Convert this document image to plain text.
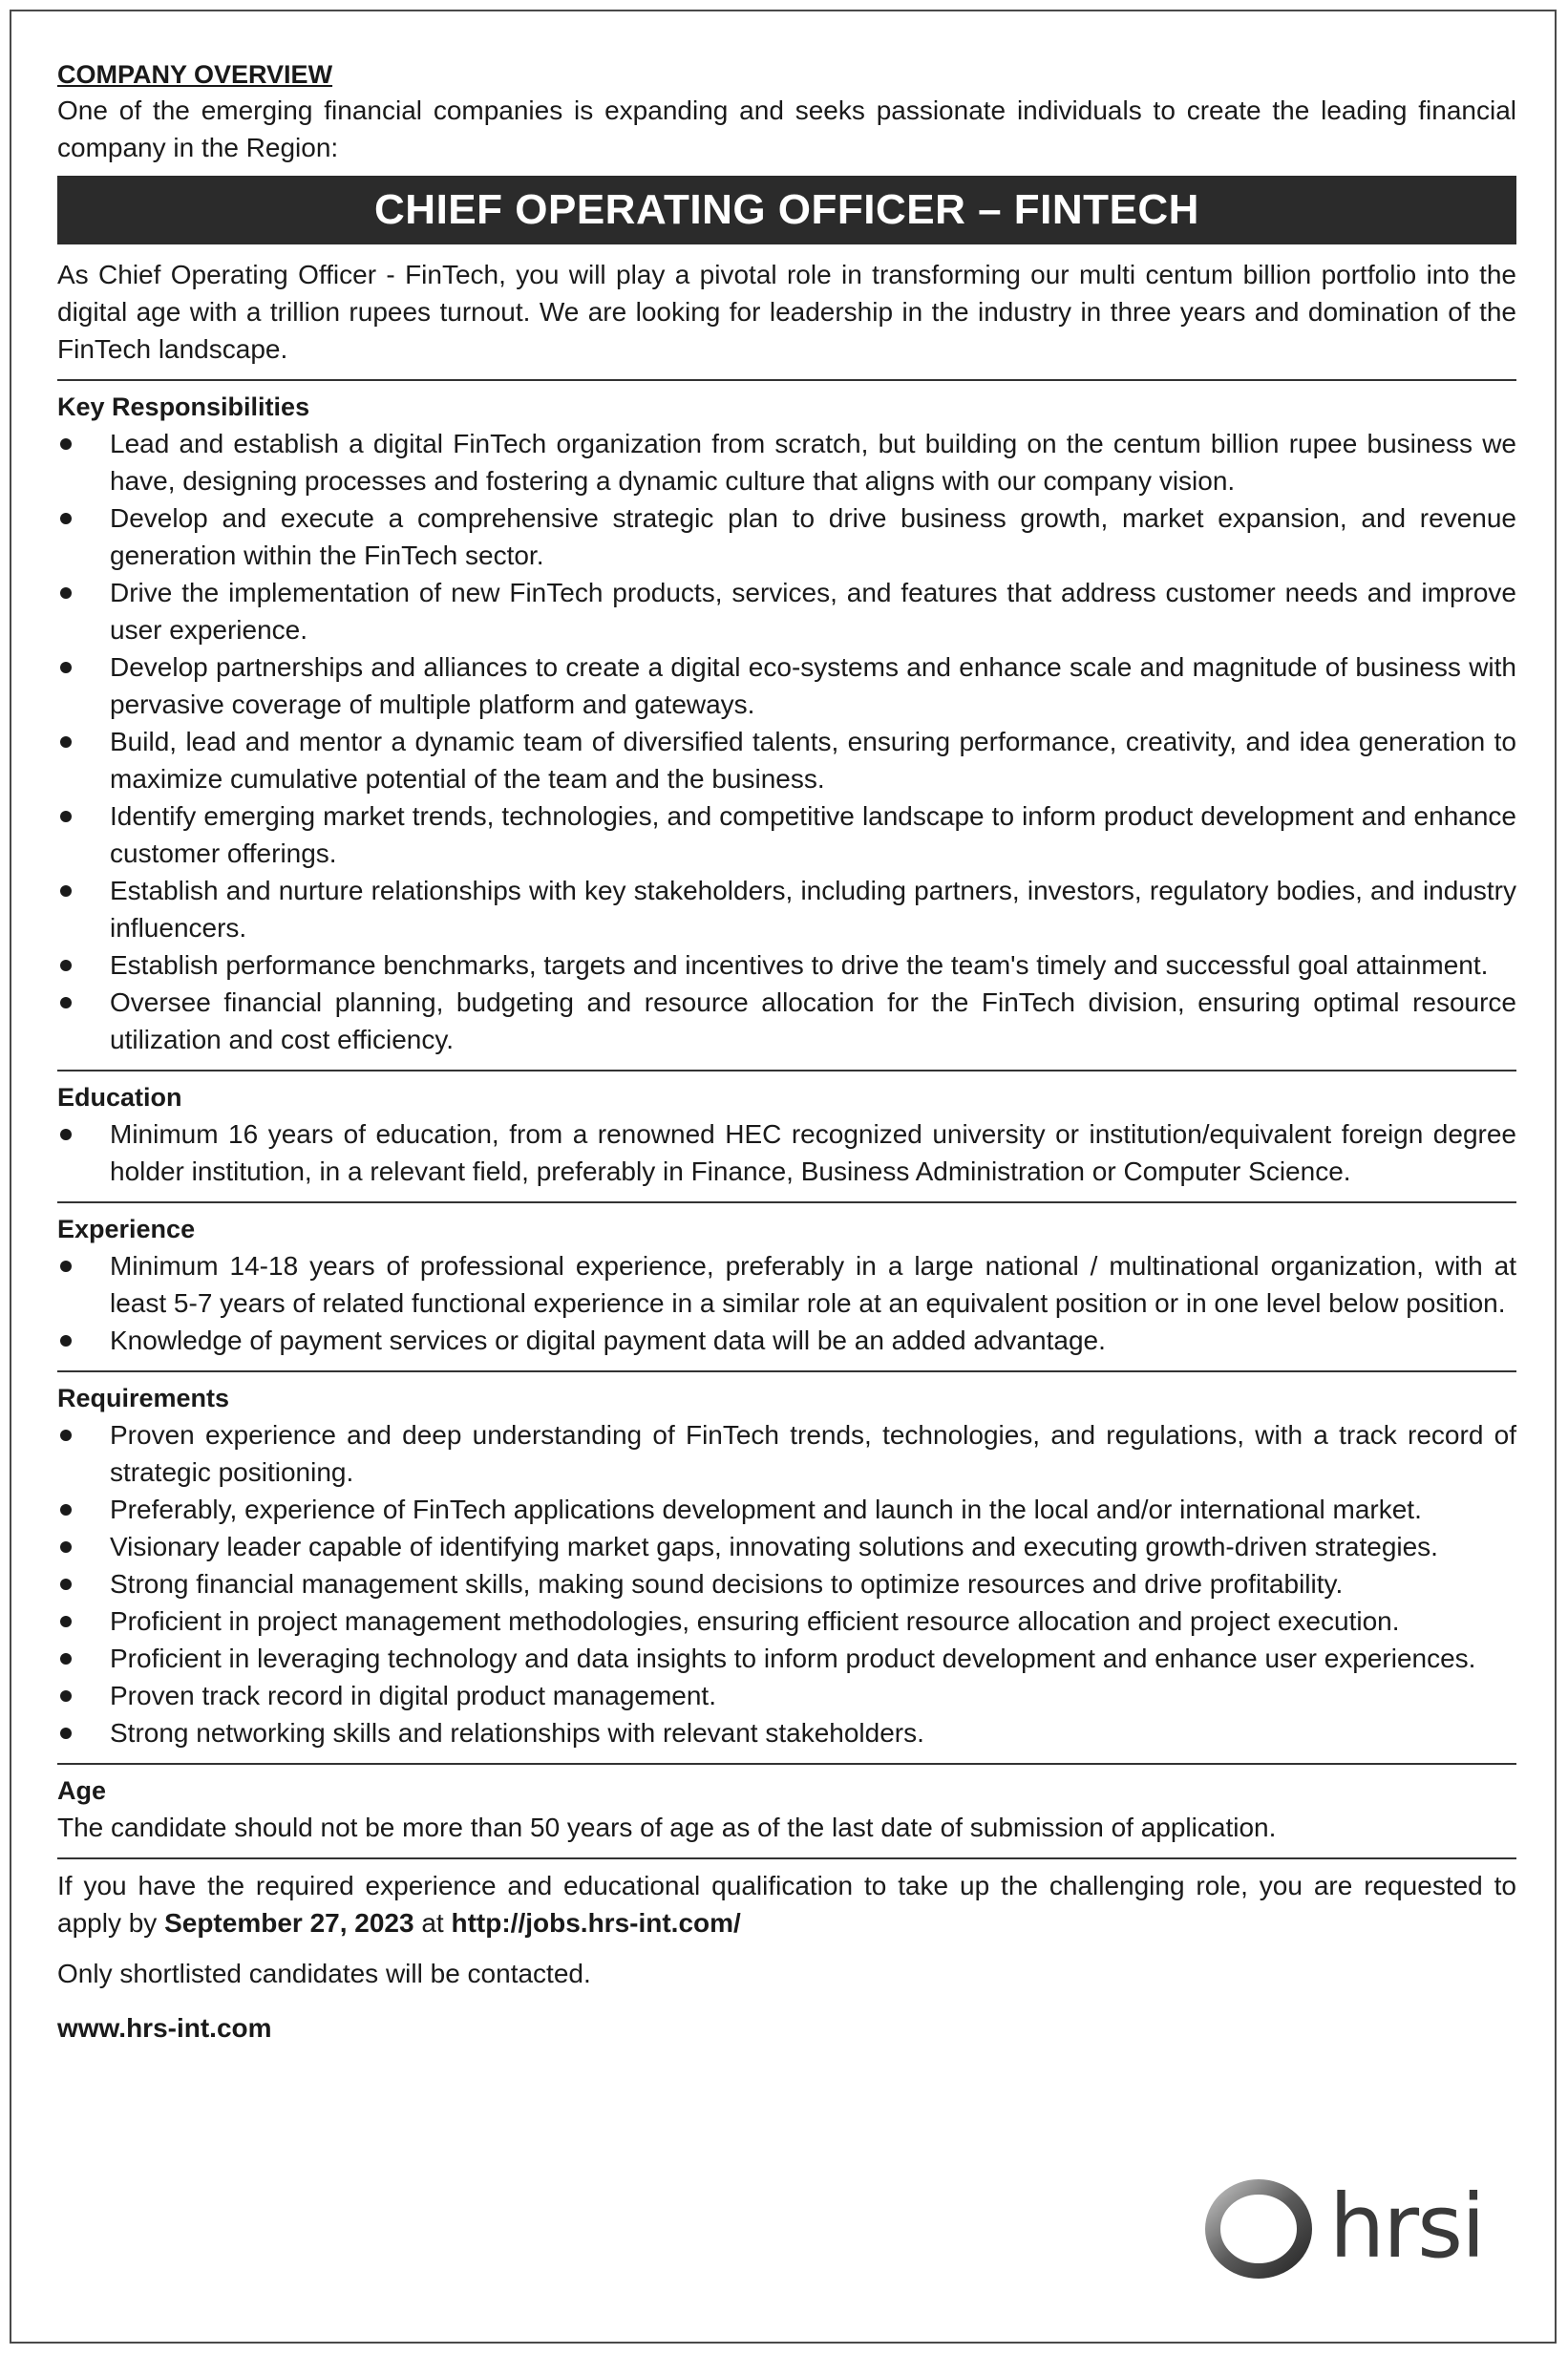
COMPANY OVERVIEW

One of the emerging financial companies is expanding and seeks passionate individuals to create the leading financial company in the Region:

CHIEF OPERATING OFFICER – FINTECH

As Chief Operating Officer - FinTech, you will play a pivotal role in transforming our multi centum billion portfolio into the digital age with a trillion rupees turnout. We are looking for leadership in the industry in three years and domination of the FinTech landscape.

Key Responsibilities
Lead and establish a digital FinTech organization from scratch, but building on the centum billion rupee business we have, designing processes and fostering a dynamic culture that aligns with our company vision.
Develop and execute a comprehensive strategic plan to drive business growth, market expansion, and revenue generation within the FinTech sector.
Drive the implementation of new FinTech products, services, and features that address customer needs and improve user experience.
Develop partnerships and alliances to create a digital eco-systems and enhance scale and magnitude of business with pervasive coverage of multiple platform and gateways.
Build, lead and mentor a dynamic team of diversified talents, ensuring performance, creativity, and idea generation to maximize cumulative potential of the team and the business.
Identify emerging market trends, technologies, and competitive landscape to inform product development and enhance customer offerings.
Establish and nurture relationships with key stakeholders, including partners, investors, regulatory bodies, and industry influencers.
Establish performance benchmarks, targets and incentives to drive the team's timely and successful goal attainment.
Oversee financial planning, budgeting and resource allocation for the FinTech division, ensuring optimal resource utilization and cost efficiency.
Education
Minimum 16 years of education, from a renowned HEC recognized university or institution/equivalent foreign degree holder institution, in a relevant field, preferably in Finance, Business Administration or Computer Science.
Experience
Minimum 14-18 years of professional experience, preferably in a large national / multinational organization, with at least 5-7 years of related functional experience in a similar role at an equivalent position or in one level below position.
Knowledge of payment services or digital payment data will be an added advantage.
Requirements
Proven experience and deep understanding of FinTech trends, technologies, and regulations, with a track record of strategic positioning.
Preferably, experience of FinTech applications development and launch in the local and/or international market.
Visionary leader capable of identifying market gaps, innovating solutions and executing growth-driven strategies.
Strong financial management skills, making sound decisions to optimize resources and drive profitability.
Proficient in project management methodologies, ensuring efficient resource allocation and project execution.
Proficient in leveraging technology and data insights to inform product development and enhance user experiences.
Proven track record in digital product management.
Strong networking skills and relationships with relevant stakeholders.
Age

The candidate should not be more than 50 years of age as of the last date of submission of application.

If you have the required experience and educational qualification to take up the challenging role, you are requested to apply by September 27, 2023 at http://jobs.hrs-int.com/

Only shortlisted candidates will be contacted.
www.hrs-int.com
hrsi
